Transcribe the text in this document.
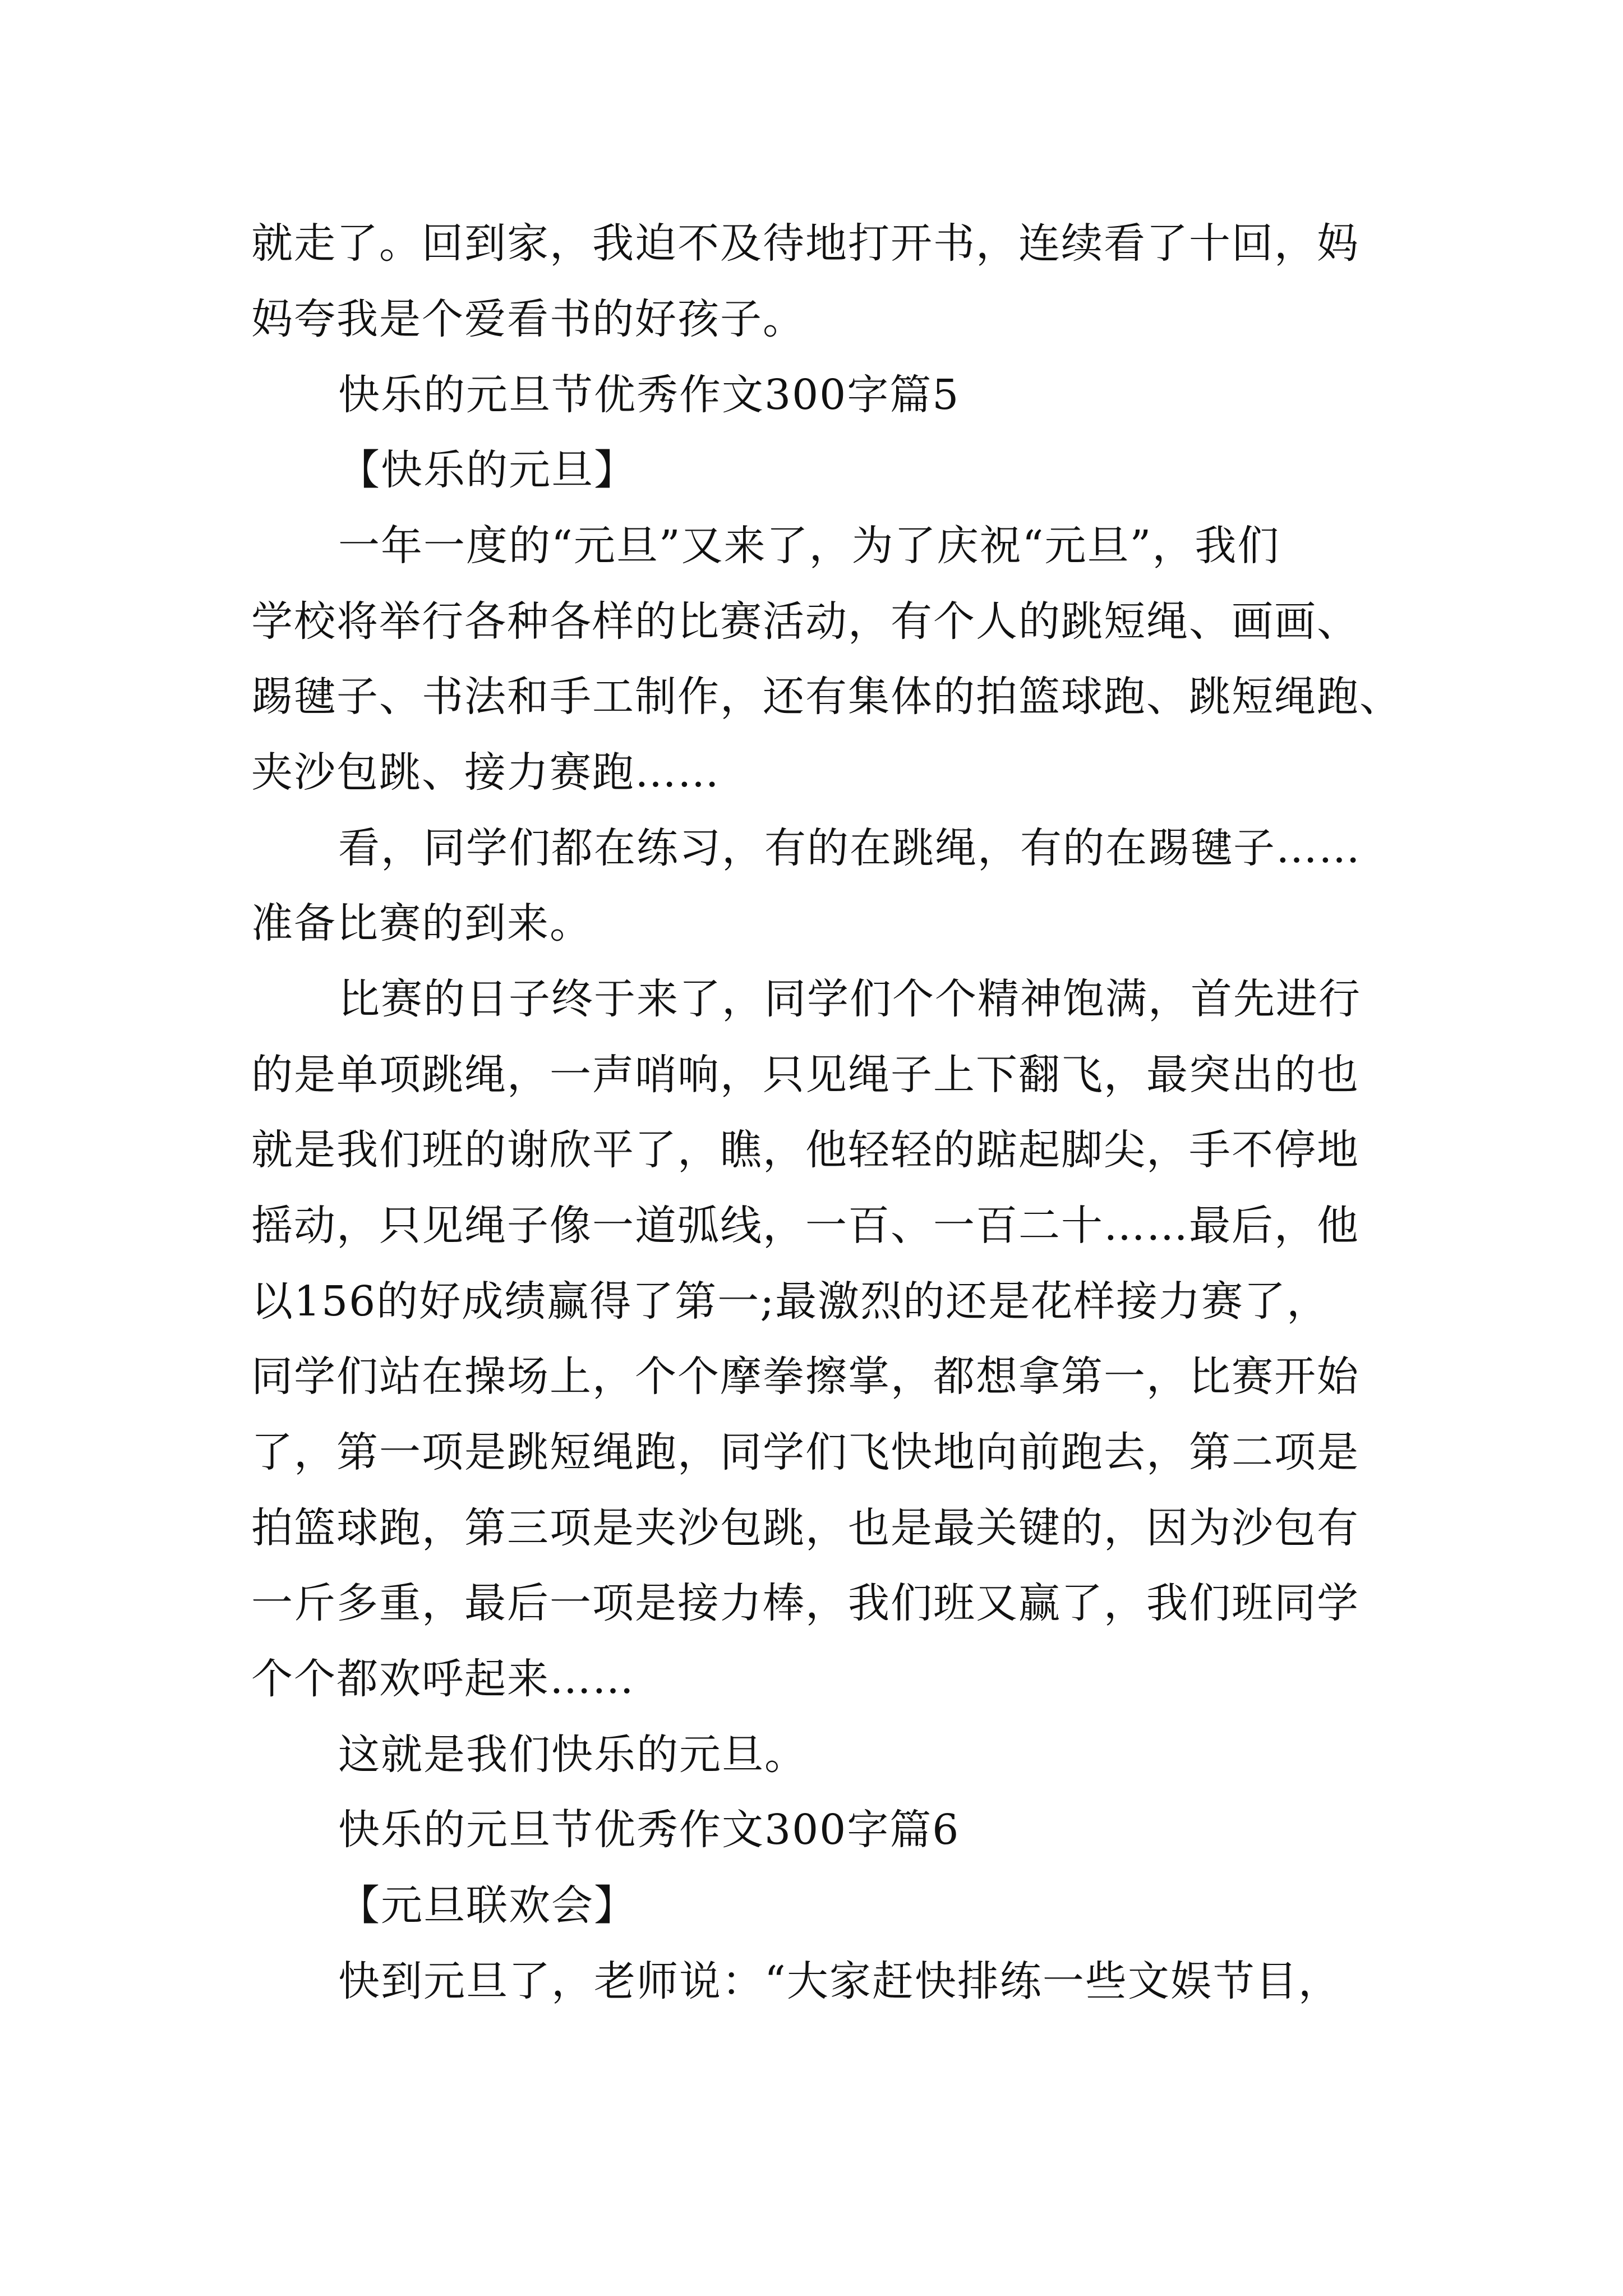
就走了。回到家，我迫不及待地打开书，连续看了十回，妈

妈夸我是个爱看书的好孩子。

快乐的元旦节优秀作文300字篇5

【快乐的元旦】

一年一度的“元旦”又来了，为了庆祝“元旦”，我们

学校将举行各种各样的比赛活动，有个人的跳短绳、画画、

踢毽子、书法和手工制作，还有集体的拍篮球跑、跳短绳跑、

夹沙包跳、接力赛跑……

看，同学们都在练习，有的在跳绳，有的在踢毽子……

准备比赛的到来。

比赛的日子终于来了，同学们个个精神饱满，首先进行

的是单项跳绳，一声哨响，只见绳子上下翻飞，最突出的也

就是我们班的谢欣平了，瞧，他轻轻的踮起脚尖，手不停地

摇动，只见绳子像一道弧线，一百、一百二十……最后，他

以156的好成绩赢得了第一;最激烈的还是花样接力赛了，

同学们站在操场上，个个摩拳擦掌，都想拿第一，比赛开始

了，第一项是跳短绳跑，同学们飞快地向前跑去，第二项是

拍篮球跑，第三项是夹沙包跳，也是最关键的，因为沙包有

一斤多重，最后一项是接力棒，我们班又赢了，我们班同学

个个都欢呼起来……

这就是我们快乐的元旦。

快乐的元旦节优秀作文300字篇6

【元旦联欢会】

快到元旦了，老师说：“大家赶快排练一些文娱节目，
